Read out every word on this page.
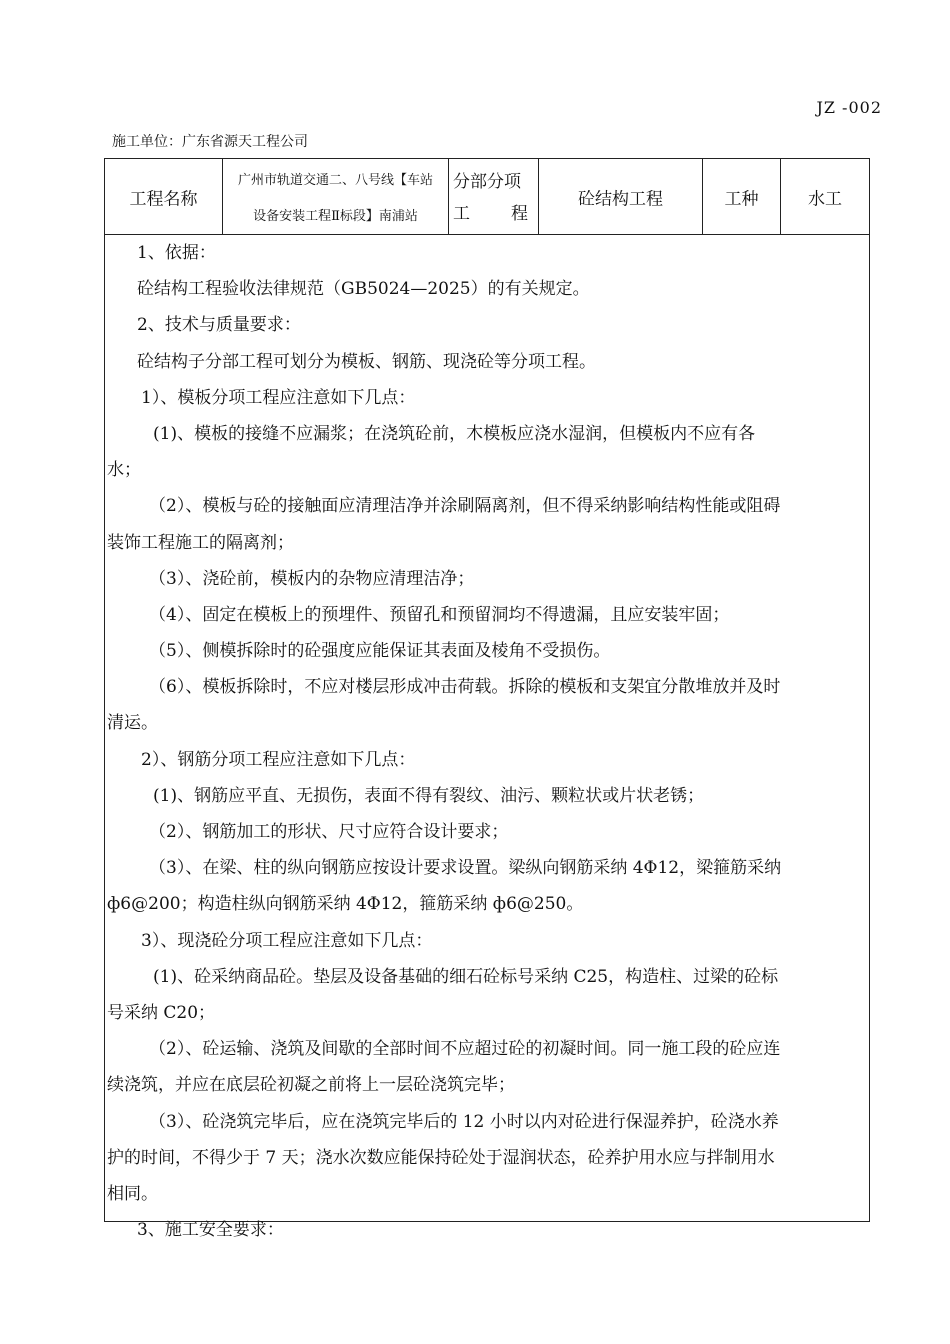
JZ -002
施工单位：广东省源天工程公司
工程名称
广州市轨道交通二、八号线【车站
设备安装工程Ⅱ标段】南浦站
分部分项
工 程
砼结构工程	工种	水工
1、依据：
砼结构工程验收法律规范（GB5024—2025）的有关规定。
2、技术与质量要求：
砼结构子分部工程可划分为模板、钢筋、现浇砼等分项工程。
1）、模板分项工程应注意如下几点：
(1)、模板的接缝不应漏浆；在浇筑砼前，木模板应浇水湿润，但模板内不应有各
水；
（2）、模板与砼的接触面应清理洁净并涂刷隔离剂，但不得采纳影响结构性能或阻碍
装饰工程施工的隔离剂；
（3）、浇砼前，模板内的杂物应清理洁净；
（4）、固定在模板上的预埋件、预留孔和预留洞均不得遗漏，且应安装牢固；
（5）、侧模拆除时的砼强度应能保证其表面及棱角不受损伤。
（6）、模板拆除时，不应对楼层形成冲击荷载。拆除的模板和支架宜分散堆放并及时
清运。
2）、钢筋分项工程应注意如下几点：
(1)、钢筋应平直、无损伤，表面不得有裂纹、油污、颗粒状或片状老锈；
（2）、钢筋加工的形状、尺寸应符合设计要求；
（3）、在梁、柱的纵向钢筋应按设计要求设置。梁纵向钢筋采纳 4Φ12，梁箍筋采纳
ф6@200；构造柱纵向钢筋采纳 4Φ12，箍筋采纳 ф6@250。
3）、现浇砼分项工程应注意如下几点：
(1)、砼采纳商品砼。垫层及设备基础的细石砼标号采纳 C25，构造柱、过梁的砼标
号采纳 C20；
（2）、砼运输、浇筑及间歇的全部时间不应超过砼的初凝时间。同一施工段的砼应连
续浇筑，并应在底层砼初凝之前将上一层砼浇筑完毕；
（3）、砼浇筑完毕后，应在浇筑完毕后的 12 小时以内对砼进行保湿养护，砼浇水养
护的时间，不得少于 7 天；浇水次数应能保持砼处于湿润状态，砼养护用水应与拌制用水
相同。
3、施工安全要求：
